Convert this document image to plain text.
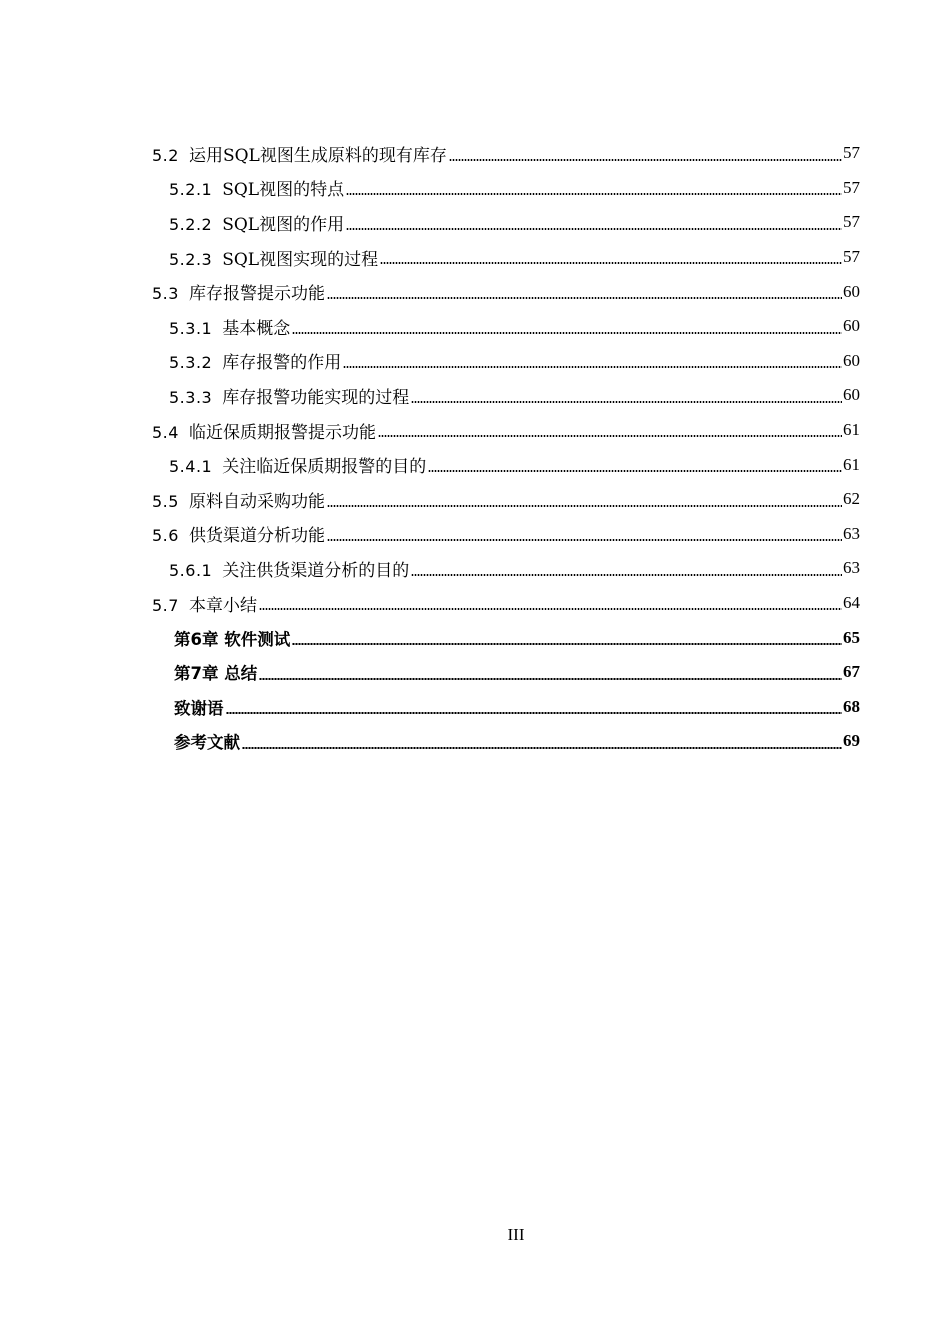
5.2 运用SQL视图生成原料的现有库存	57
5.2.1 SQL视图的特点	57
5.2.2 SQL视图的作用	57
5.2.3 SQL视图实现的过程	57
5.3 库存报警提示功能	60
5.3.1 基本概念	60
5.3.2 库存报警的作用	60
5.3.3 库存报警功能实现的过程	60
5.4 临近保质期报警提示功能	61
5.4.1 关注临近保质期报警的目的	61
5.5 原料自动采购功能	62
5.6 供货渠道分析功能	63
5.6.1 关注供货渠道分析的目的	63
5.7 本章小结	64
第6章 软件测试	65
第7章 总结	67
致谢语	68
参考文献	69
III
